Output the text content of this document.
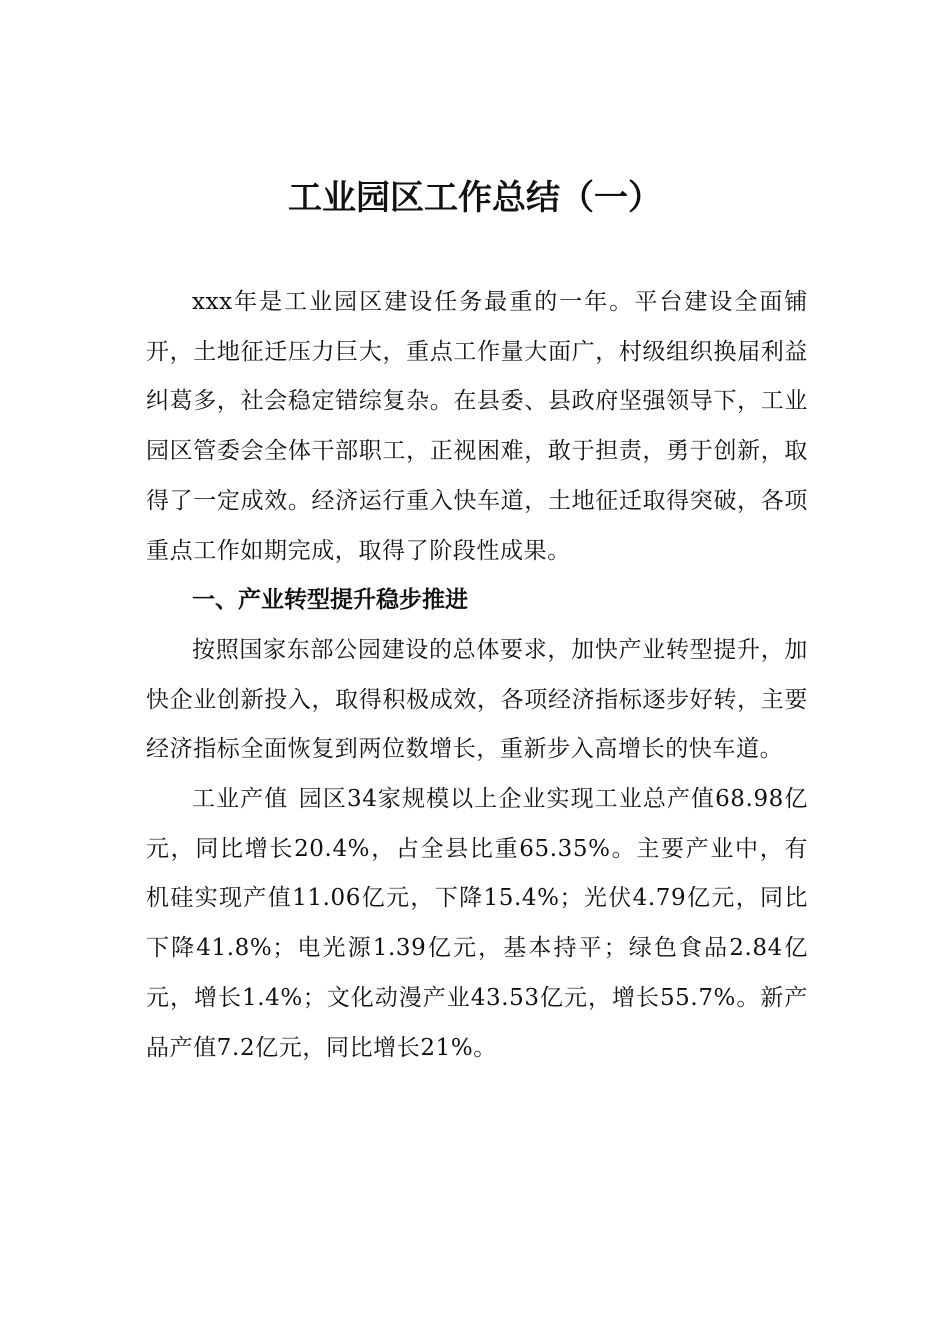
工业园区工作总结（一）

xxx年是工业园区建设任务最重的一年。平台建设全面铺开，土地征迁压力巨大，重点工作量大面广，村级组织换届利益纠葛多，社会稳定错综复杂。在县委、县政府坚强领导下，工业园区管委会全体干部职工，正视困难，敢于担责，勇于创新，取得了一定成效。经济运行重入快车道，土地征迁取得突破，各项重点工作如期完成，取得了阶段性成果。

一、产业转型提升稳步推进

按照国家东部公园建设的总体要求，加快产业转型提升，加快企业创新投入，取得积极成效，各项经济指标逐步好转，主要经济指标全面恢复到两位数增长，重新步入高增长的快车道。

工业产值 园区34家规模以上企业实现工业总产值68.98亿元，同比增长20.4%，占全县比重65.35%。主要产业中，有机硅实现产值11.06亿元，下降15.4%；光伏4.79亿元，同比下降41.8%；电光源1.39亿元，基本持平；绿色食品2.84亿元，增长1.4%；文化动漫产业43.53亿元，增长55.7%。新产品产值7.2亿元，同比增长21%。
